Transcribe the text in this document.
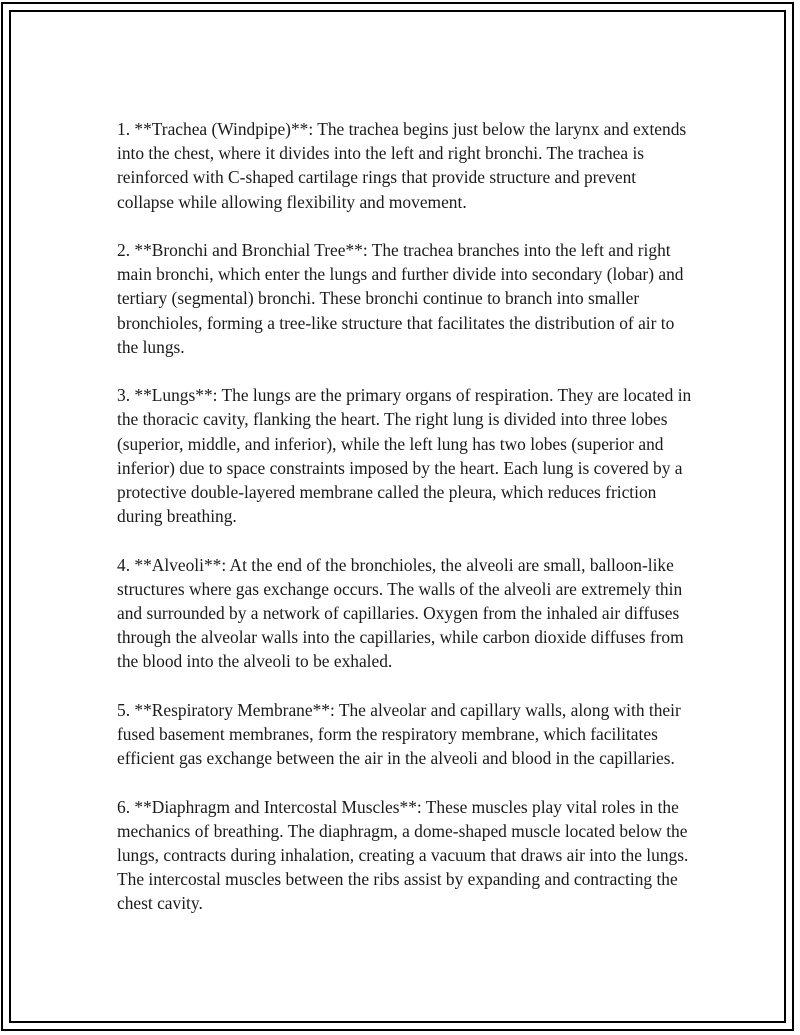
1. **Trachea (Windpipe)**: The trachea begins just below the larynx and extends into the chest, where it divides into the left and right bronchi. The trachea is reinforced with C-shaped cartilage rings that provide structure and prevent collapse while allowing flexibility and movement.

2. **Bronchi and Bronchial Tree**: The trachea branches into the left and right main bronchi, which enter the lungs and further divide into secondary (lobar) and tertiary (segmental) bronchi. These bronchi continue to branch into smaller bronchioles, forming a tree-like structure that facilitates the distribution of air to the lungs.

3. **Lungs**: The lungs are the primary organs of respiration. They are located in the thoracic cavity, flanking the heart. The right lung is divided into three lobes (superior, middle, and inferior), while the left lung has two lobes (superior and inferior) due to space constraints imposed by the heart. Each lung is covered by a protective double-layered membrane called the pleura, which reduces friction during breathing.

4. **Alveoli**: At the end of the bronchioles, the alveoli are small, balloon-like structures where gas exchange occurs. The walls of the alveoli are extremely thin and surrounded by a network of capillaries. Oxygen from the inhaled air diffuses through the alveolar walls into the capillaries, while carbon dioxide diffuses from the blood into the alveoli to be exhaled.

5. **Respiratory Membrane**: The alveolar and capillary walls, along with their fused basement membranes, form the respiratory membrane, which facilitates efficient gas exchange between the air in the alveoli and blood in the capillaries.

6. **Diaphragm and Intercostal Muscles**: These muscles play vital roles in the mechanics of breathing. The diaphragm, a dome-shaped muscle located below the lungs, contracts during inhalation, creating a vacuum that draws air into the lungs. The intercostal muscles between the ribs assist by expanding and contracting the chest cavity.
